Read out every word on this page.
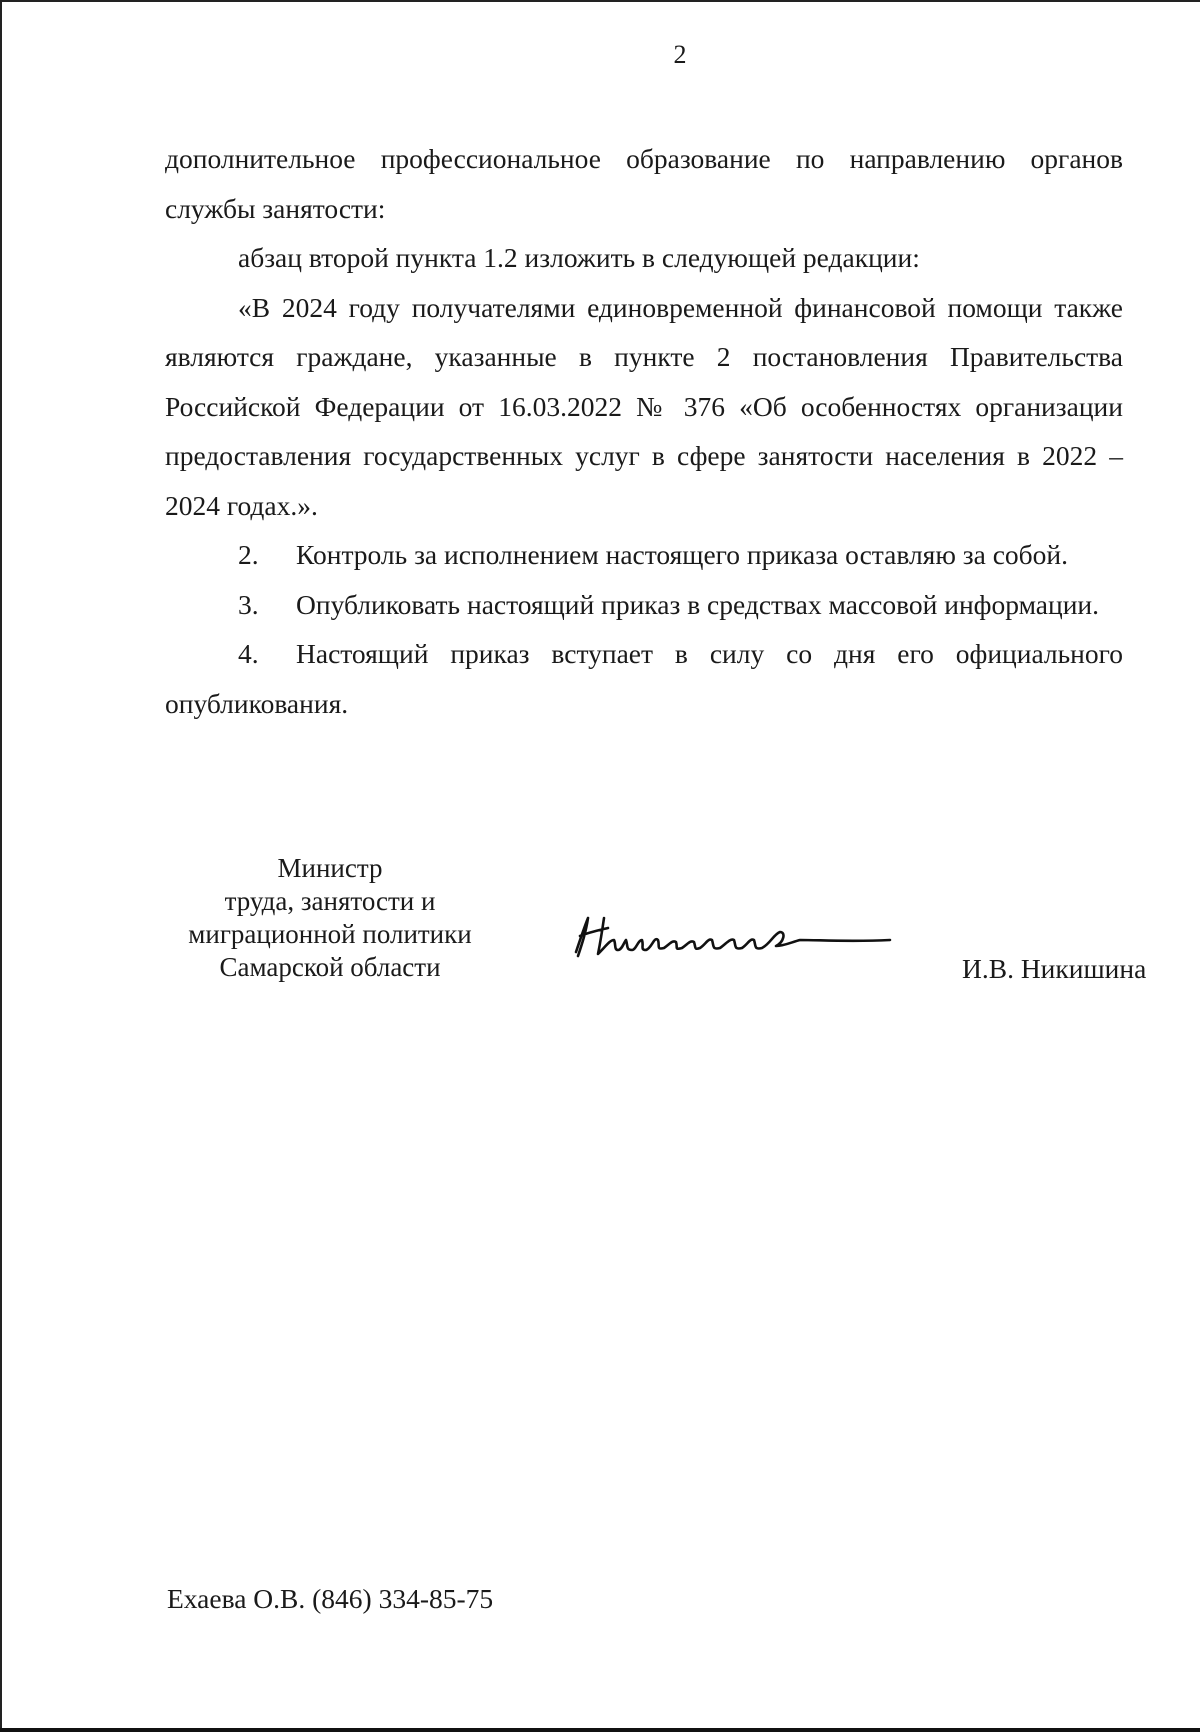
2

дополнительное профессиональное образование по направлению органов службы занятости:

абзац второй пункта 1.2 изложить в следующей редакции:

«В 2024 году получателями единовременной финансовой помощи также являются граждане, указанные в пункте 2 постановления Правительства Российской Федерации от 16.03.2022 № 376 «Об особенностях организации предоставления государственных услуг в сфере занятости населения в 2022 – 2024 годах.».

2. Контроль за исполнением настоящего приказа оставляю за собой.

3. Опубликовать настоящий приказ в средствах массовой информации.

4. Настоящий приказ вступает в силу со дня его официального опубликования.

Министр
труда, занятости и
миграционной политики
Самарской области	И.В. Никишина
Ехаева О.В. (846) 334-85-75
